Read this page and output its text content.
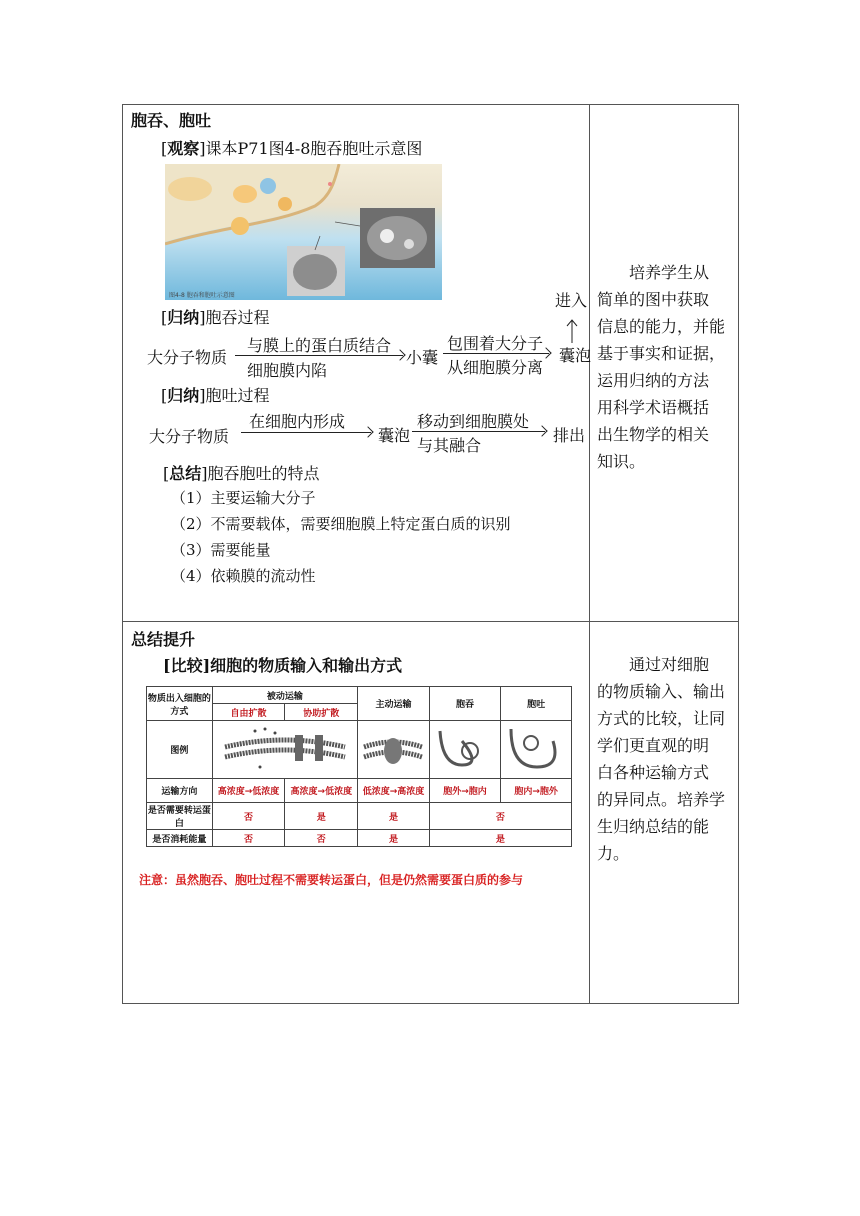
胞吞、胞吐
[观察]课本P71图4-8胞吞胞吐示意图
图4-8 胞吞和胞吐示意图
[归纳]胞吞过程
大分子物质
与膜上的蛋白质结合
细胞膜内陷
小囊
包围着大分子
从细胞膜分离
囊泡
进入
[归纳]胞吐过程
大分子物质
在细胞内形成
囊泡
移动到细胞膜处
与其融合
排出
[总结]胞吞胞吐的特点
（1）主要运输大分子
（2）不需要载体，需要细胞膜上特定蛋白质的识别
（3）需要能量
（4）依赖膜的流动性
培养学生从
简单的图中获取
信息的能力，并能
基于事实和证据，
运用归纳的方法
用科学术语概括
出生物学的相关
知识。
总结提升
[比较]细胞的物质输入和输出方式
物质出入细胞的方式	被动运输		主动运输	胞吞	胞吐
	自由扩散	协助扩散			
图例				
运输方向	高浓度→低浓度	高浓度→低浓度	低浓度→高浓度	胞外→胞内	胞内→胞外
是否需要转运蛋白	否	是	是	否	
是否消耗能量	否	否	是	是	
注意：虽然胞吞、胞吐过程不需要转运蛋白，但是仍然需要蛋白质的参与
通过对细胞
的物质输入、输出
方式的比较，让同
学们更直观的明
白各种运输方式
的异同点。培养学
生归纳总结的能
力。
